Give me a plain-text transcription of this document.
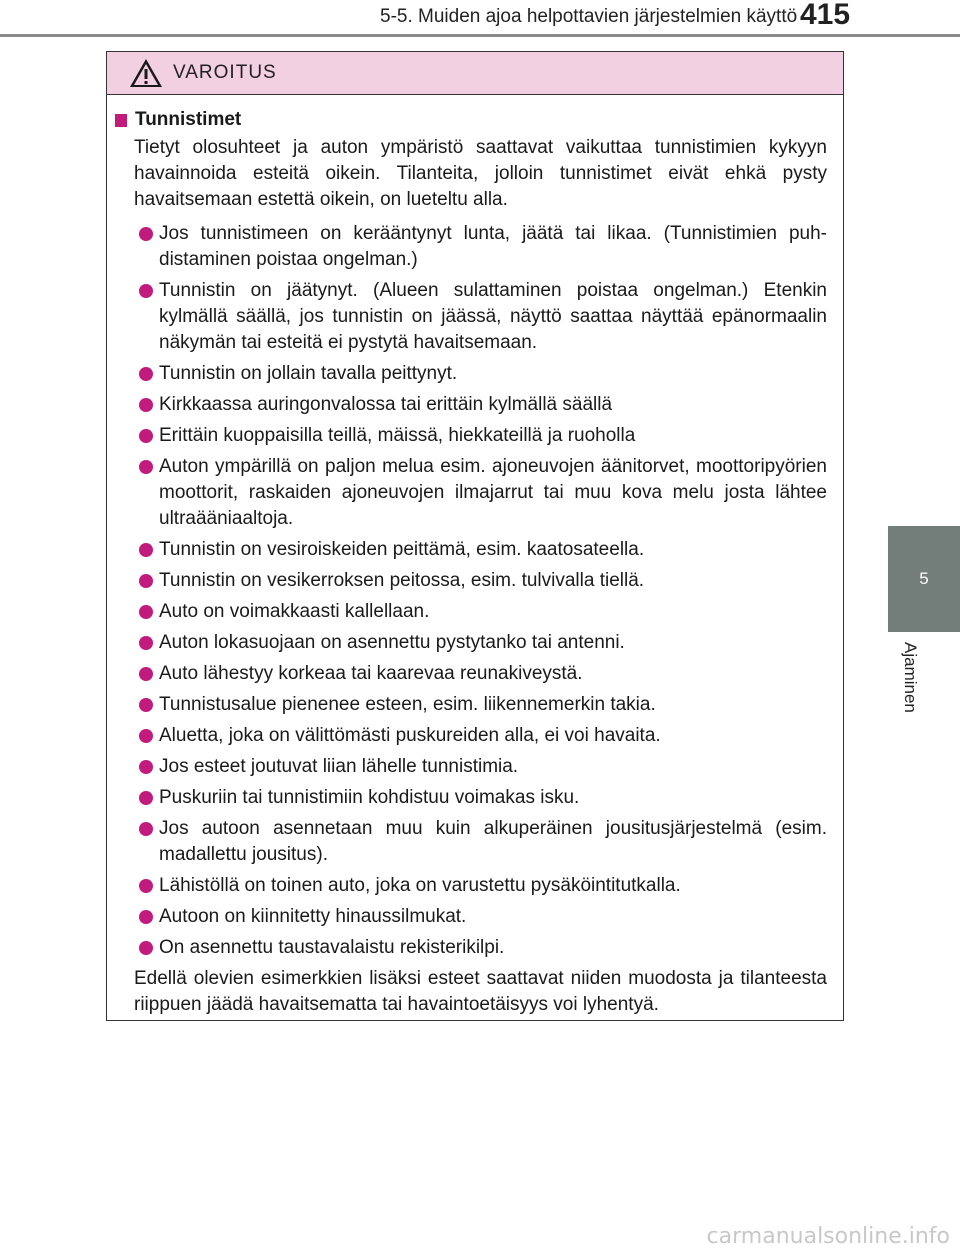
5-5. Muiden ajoa helpottavien järjestelmien käyttö 415
5
Ajaminen
VAROITUS
Tunnistimet
Tietyt olosuhteet ja auton ympäristö saattavat vaikuttaa tunnistimien kykyyn havainnoida esteitä oikein. Tilanteita, jolloin tunnistimet eivät ehkä pysty havaitsemaan estettä oikein, on lueteltu alla.
Jos tunnistimeen on kerääntynyt lunta, jäätä tai likaa. (Tunnistimien puhdistaminen poistaa ongelman.)
Tunnistin on jäätynyt. (Alueen sulattaminen poistaa ongelman.) Etenkin kylmällä säällä, jos tunnistin on jäässä, näyttö saattaa näyttää epänormaalin näkymän tai esteitä ei pystytä havaitsemaan.
Tunnistin on jollain tavalla peittynyt.
Kirkkaassa auringonvalossa tai erittäin kylmällä säällä
Erittäin kuoppaisilla teillä, mäissä, hiekkateillä ja ruoholla
Auton ympärillä on paljon melua esim. ajoneuvojen äänitorvet, moottoripyörien moottorit, raskaiden ajoneuvojen ilmajarrut tai muu kova melu josta lähtee ultraääniaaltoja.
Tunnistin on vesiroiskeiden peittämä, esim. kaatosateella.
Tunnistin on vesikerroksen peitossa, esim. tulvivalla tiellä.
Auto on voimakkaasti kallellaan.
Auton lokasuojaan on asennettu pystytanko tai antenni.
Auto lähestyy korkeaa tai kaarevaa reunakiveystä.
Tunnistusalue pienenee esteen, esim. liikennemerkin takia.
Aluetta, joka on välittömästi puskureiden alla, ei voi havaita.
Jos esteet joutuvat liian lähelle tunnistimia.
Puskuriin tai tunnistimiin kohdistuu voimakas isku.
Jos autoon asennetaan muu kuin alkuperäinen jousitusjärjestelmä (esim. madallettu jousitus).
Lähistöllä on toinen auto, joka on varustettu pysäköintitutkalla.
Autoon on kiinnitetty hinaussilmukat.
On asennettu taustavalaistu rekisterikilpi.
Edellä olevien esimerkkien lisäksi esteet saattavat niiden muodosta ja tilanteesta riippuen jäädä havaitsematta tai havaintoetäisyys voi lyhentyä.
carmanualsonline.info
